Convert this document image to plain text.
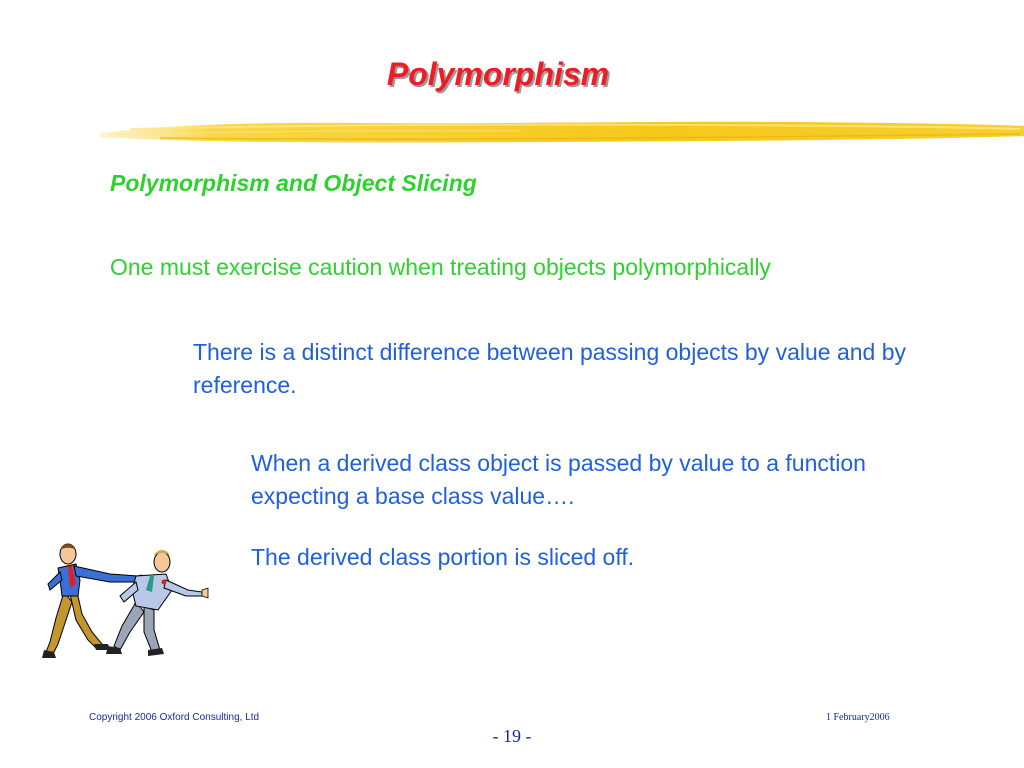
Polymorphism

Polymorphism and Object Slicing

One must exercise caution when treating objects polymorphically

There is a distinct difference between passing objects by value and by reference.

When a derived class object is passed by value to a function expecting a base class value….

The derived class portion is sliced off.

Copyright 2006 Oxford Consulting, Ltd	1 February2006
- 19 -
